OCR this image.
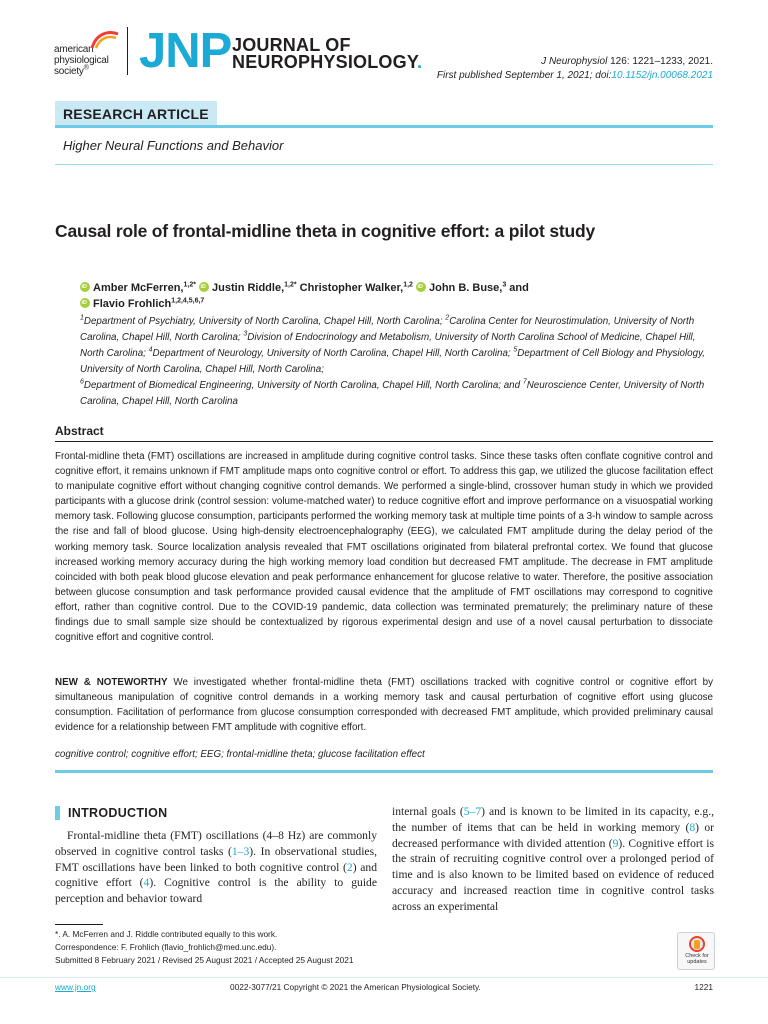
american
physiological
society®	JNP JOURNAL OF
NEUROPHYSIOLOGY.	J Neurophysiol 126: 1221–1233, 2021.
First published September 1, 2021; doi:10.1152/jn.00068.2021
RESEARCH ARTICLE
Higher Neural Functions and Behavior
Causal role of frontal-midline theta in cognitive effort: a pilot study
iDAmber McFerren,$^{1,2*}$ iD Justin Riddle,$^{1,2*}$ Christopher Walker,$^{1,2}$ iD John B. Buse,$^3$ and
iDFlavio Frohlich$^{1,2,4,5,6,7}$
$^1$Department of Psychiatry, University of North Carolina, Chapel Hill, North Carolina; $^2$Carolina Center for Neurostimulation, University of North Carolina, Chapel Hill, North Carolina; $^3$Division of Endocrinology and Metabolism, University of North Carolina School of Medicine, Chapel Hill, North Carolina; $^4$Department of Neurology, University of North Carolina, Chapel Hill, North Carolina; $^5$Department of Cell Biology and Physiology, University of North Carolina, Chapel Hill, North Carolina;
$^6$Department of Biomedical Engineering, University of North Carolina, Chapel Hill, North Carolina; and $^7$Neuroscience Center, University of North Carolina, Chapel Hill, North Carolina
Abstract
Frontal-midline theta (FMT) oscillations are increased in amplitude during cognitive control tasks. Since these tasks often conflate cognitive control and cognitive effort, it remains unknown if FMT amplitude maps onto cognitive control or effort. To address this gap, we utilized the glucose facilitation effect to manipulate cognitive effort without changing cognitive control demands. We performed a single-blind, crossover human study in which we provided participants with a glucose drink (control session: volume-matched water) to reduce cognitive effort and improve performance on a visuospatial working memory task. Following glucose consumption, participants performed the working memory task at multiple time points of a 3-h window to sample across the rise and fall of blood glucose. Using high-density electroencephalography (EEG), we calculated FMT amplitude during the delay period of the working memory task. Source localization analysis revealed that FMT oscillations originated from bilateral prefrontal cortex. We found that glucose increased working memory accuracy during the high working memory load condition but decreased FMT amplitude. The decrease in FMT amplitude coincided with both peak blood glucose elevation and peak performance enhancement for glucose relative to water. Therefore, the positive association between glucose consumption and task performance provided causal evidence that the amplitude of FMT oscillations may correspond to cognitive effort, rather than cognitive control. Due to the COVID-19 pandemic, data collection was terminated prematurely; the preliminary nature of these findings due to small sample size should be contextualized by rigorous experimental design and use of a novel causal perturbation to dissociate cognitive effort and cognitive control.
NEW & NOTEWORTHY We investigated whether frontal-midline theta (FMT) oscillations tracked with cognitive control or cognitive effort by simultaneous manipulation of cognitive control demands in a working memory task and causal perturbation of cognitive effort using glucose consumption. Facilitation of performance from glucose consumption corresponded with decreased FMT amplitude, which provided preliminary causal evidence for a relationship between FMT amplitude with cognitive effort.
cognitive control; cognitive effort; EEG; frontal-midline theta; glucose facilitation effect
INTRODUCTION
Frontal-midline theta (FMT) oscillations (4–8 Hz) are commonly observed in cognitive control tasks (1–3). In observational studies, FMT oscillations have been linked to both cognitive control (2) and cognitive effort (4). Cognitive control is the ability to guide perception and behavior toward
internal goals (5–7) and is known to be limited in its capacity, e.g., the number of items that can be held in working memory (8) or decreased performance with divided attention (9). Cognitive effort is the strain of recruiting cognitive control over a prolonged period of time and is also known to be limited based on evidence of reduced accuracy and increased reaction time in cognitive control tasks across an experimental
*. A. McFerren and J. Riddle contributed equally to this work.
Correspondence: F. Frohlich (flavio_frohlich@med.unc.edu).
Submitted 8 February 2021 / Revised 25 August 2021 / Accepted 25 August 2021	Check for updates
www.jn.org	0022-3077/21 Copyright © 2021 the American Physiological Society.	1221
